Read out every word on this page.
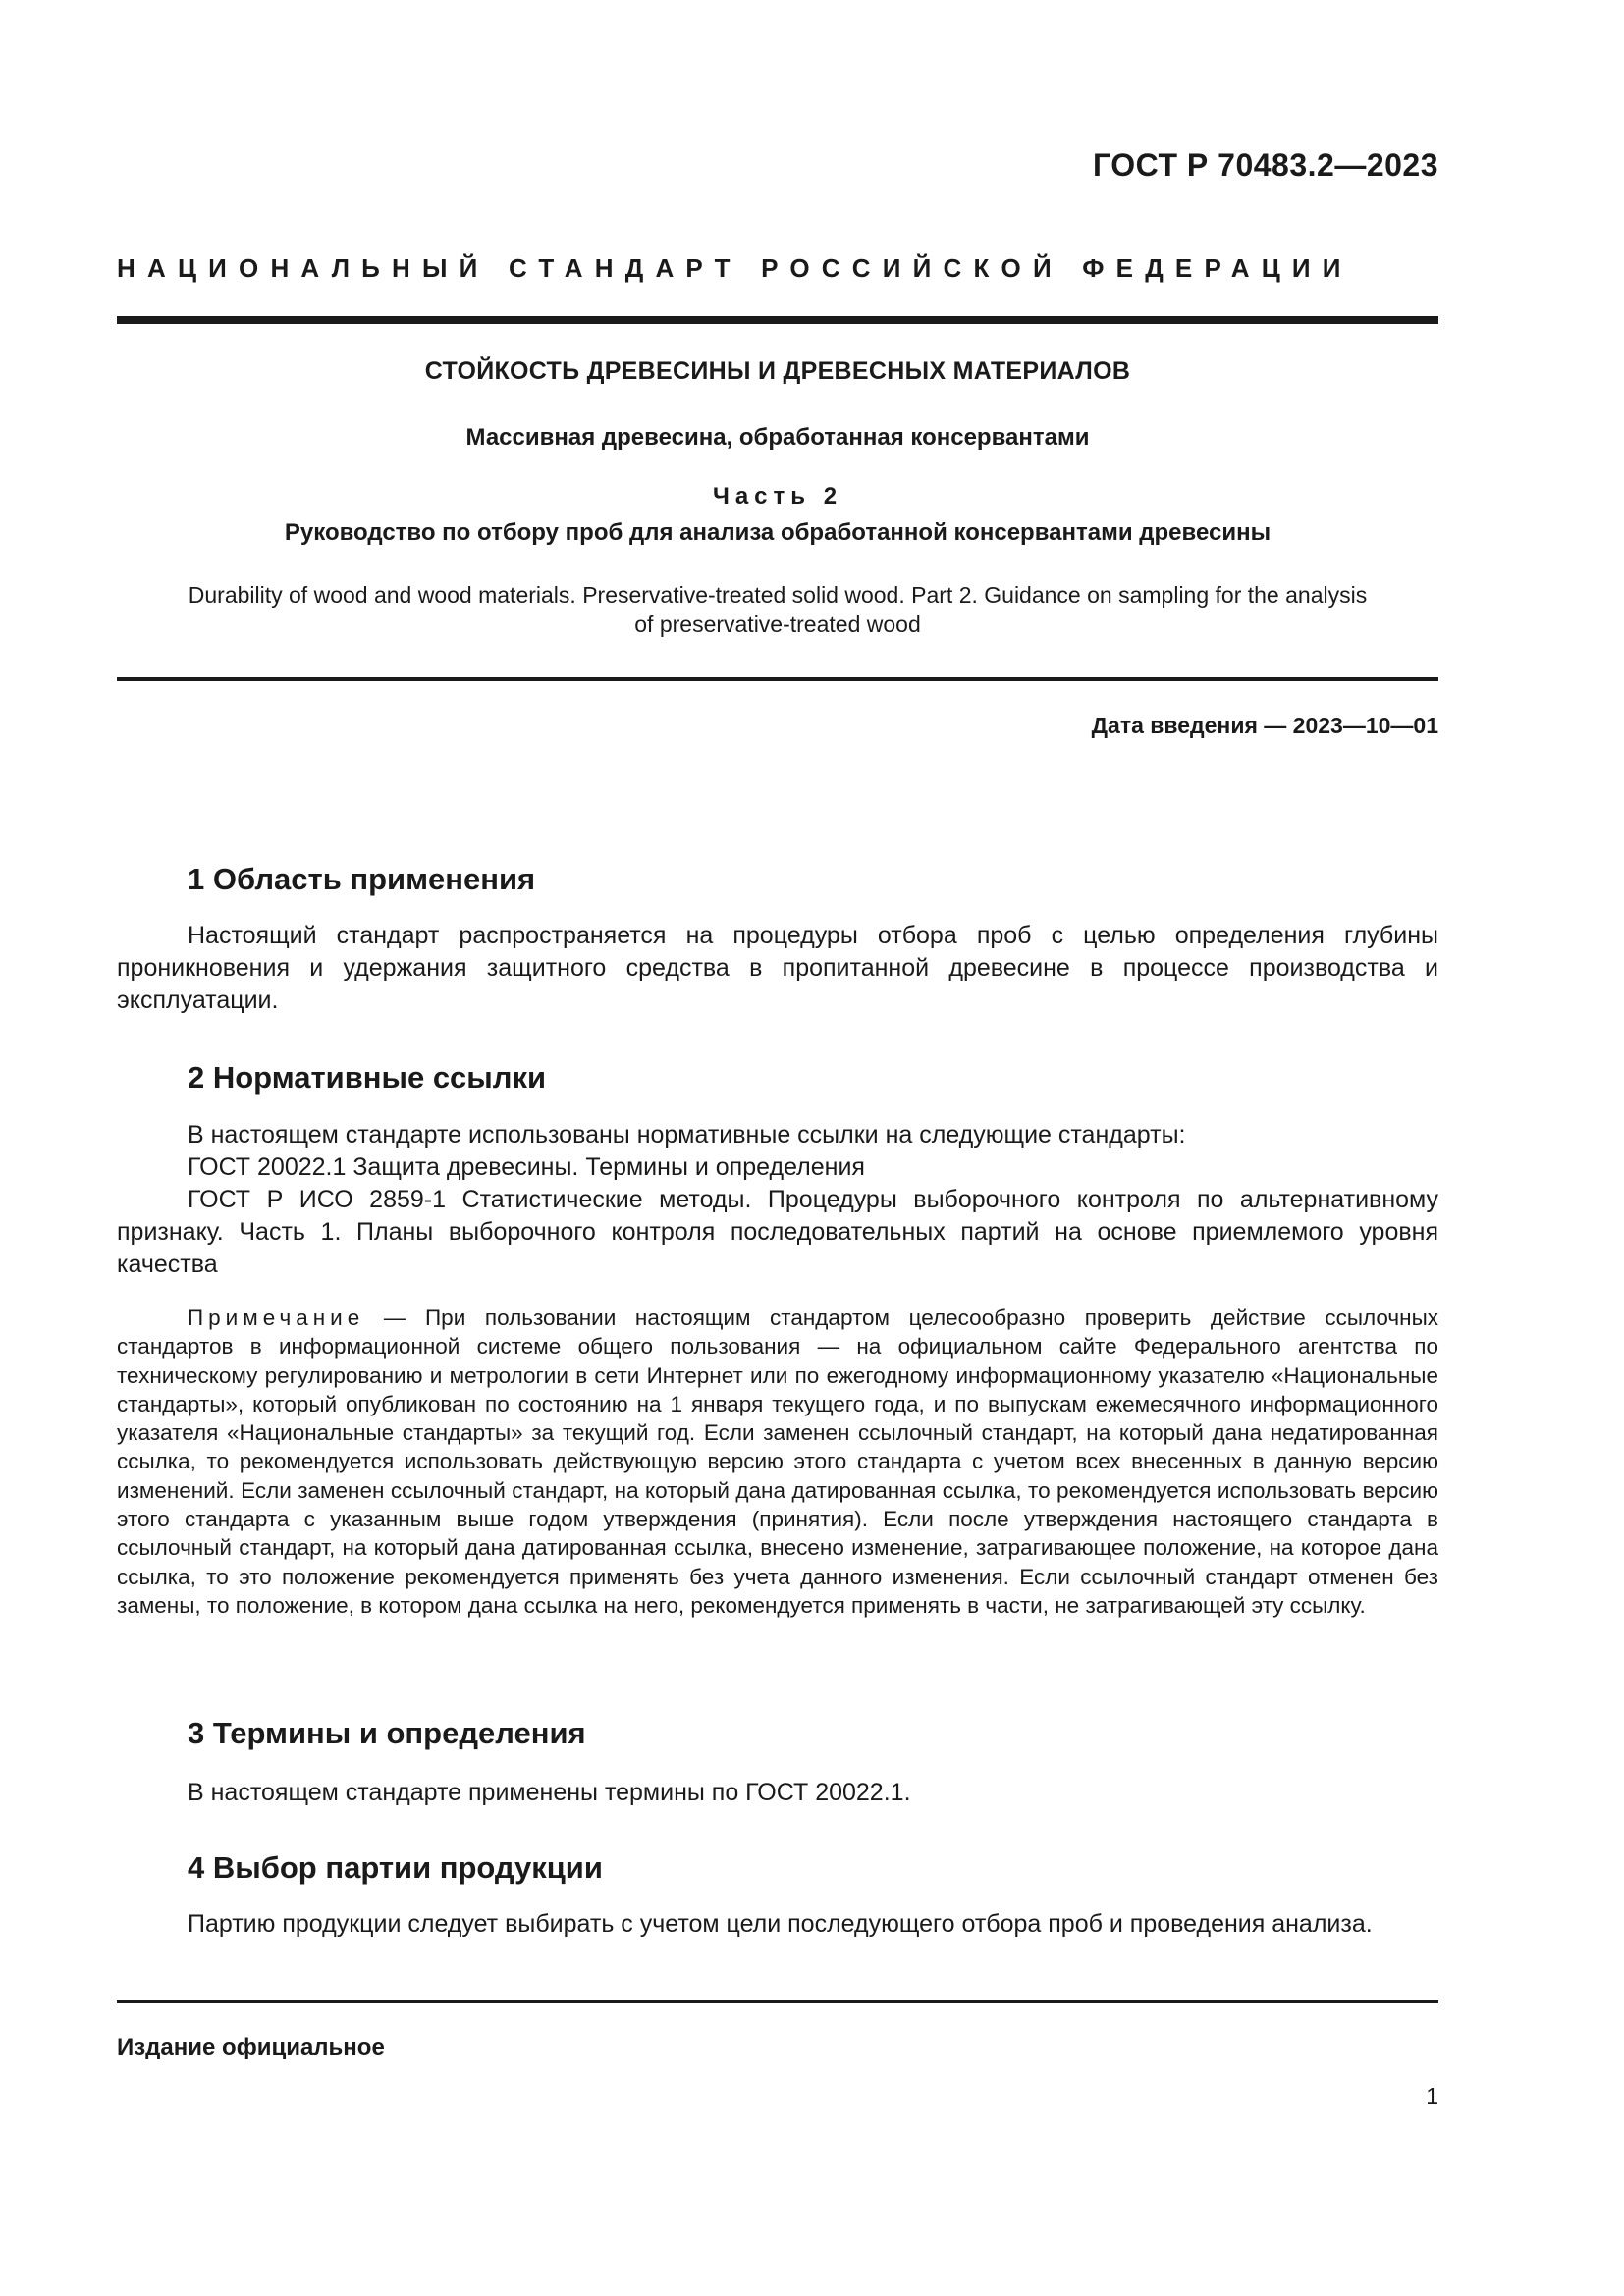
ГОСТ Р 70483.2—2023
НАЦИОНАЛЬНЫЙ СТАНДАРТ РОССИЙСКОЙ ФЕДЕРАЦИИ
СТОЙКОСТЬ ДРЕВЕСИНЫ И ДРЕВЕСНЫХ МАТЕРИАЛОВ
Массивная древесина, обработанная консервантами
Часть 2
Руководство по отбору проб для анализа обработанной консервантами древесины
Durability of wood and wood materials. Preservative-treated solid wood. Part 2. Guidance on sampling for the analysis
of preservative-treated wood
Дата введения — 2023—10—01
1 Область применения
Настоящий стандарт распространяется на процедуры отбора проб с целью определения глубины проникновения и удержания защитного средства в пропитанной древесине в процессе производства и эксплуатации.
2 Нормативные ссылки
В настоящем стандарте использованы нормативные ссылки на следующие стандарты:
ГОСТ 20022.1 Защита древесины. Термины и определения
ГОСТ Р ИСО 2859-1 Статистические методы. Процедуры выборочного контроля по альтернативному признаку. Часть 1. Планы выборочного контроля последовательных партий на основе приемлемого уровня качества
Примечание — При пользовании настоящим стандартом целесообразно проверить действие ссылочных стандартов в информационной системе общего пользования — на официальном сайте Федерального агентства по техническому регулированию и метрологии в сети Интернет или по ежегодному информационному указателю «Национальные стандарты», который опубликован по состоянию на 1 января текущего года, и по выпускам ежемесячного информационного указателя «Национальные стандарты» за текущий год. Если заменен ссылочный стандарт, на который дана недатированная ссылка, то рекомендуется использовать действующую версию этого стандарта с учетом всех внесенных в данную версию изменений. Если заменен ссылочный стандарт, на который дана датированная ссылка, то рекомендуется использовать версию этого стандарта с указанным выше годом утверждения (принятия). Если после утверждения настоящего стандарта в ссылочный стандарт, на который дана датированная ссылка, внесено изменение, затрагивающее положение, на которое дана ссылка, то это положение рекомендуется применять без учета данного изменения. Если ссылочный стандарт отменен без замены, то положение, в котором дана ссылка на него, рекомендуется применять в части, не затрагивающей эту ссылку.
3 Термины и определения
В настоящем стандарте применены термины по ГОСТ 20022.1.
4 Выбор партии продукции
Партию продукции следует выбирать с учетом цели последующего отбора проб и проведения анализа.
Издание официальное
1
